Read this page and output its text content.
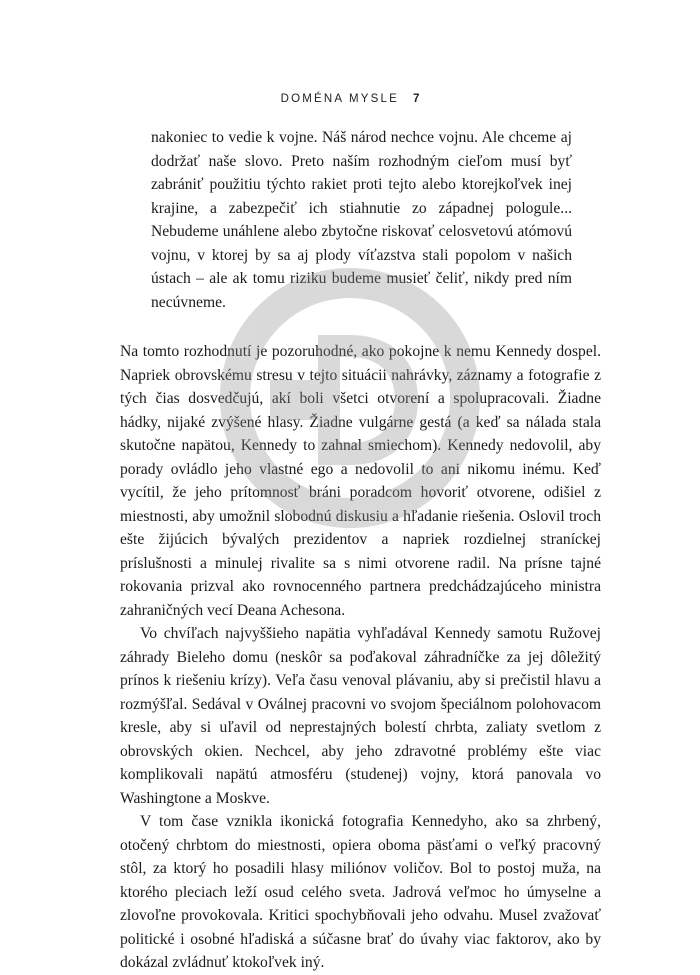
DOMÉNA MYSLE 7

nakoniec to vedie k vojne. Náš národ nechce vojnu. Ale chceme aj dodržať naše slovo. Preto naším rozhodným cieľom musí byť zabrániť použitiu týchto rakiet proti tejto alebo ktorejkoľvek inej krajine, a zabezpečiť ich stiahnutie zo západnej pologule... Nebudeme unáhlene alebo zbytočne riskovať celosvetovú atómovú vojnu, v ktorej by sa aj plody víťazstva stali popolom v našich ústach – ale ak tomu riziku budeme musieť čeliť, nikdy pred ním necúvneme.

Na tomto rozhodnutí je pozoruhodné, ako pokojne k nemu Kennedy dospel. Napriek obrovskému stresu v tejto situácii nahrávky, záznamy a fotografie z tých čias dosvedčujú, akí boli všetci otvorení a spolupracovali. Žiadne hádky, nijaké zvýšené hlasy. Žiadne vulgárne gestá (a keď sa nálada stala skutočne napätou, Kennedy to zahnal smiechom). Kennedy nedovolil, aby porady ovládlo jeho vlastné ego a nedovolil to ani nikomu inému. Keď vycítil, že jeho prítomnosť bráni poradcom hovoriť otvorene, odišiel z miestnosti, aby umožnil slobodnú diskusiu a hľadanie riešenia. Oslovil troch ešte žijúcich bývalých prezidentov a napriek rozdielnej straníckej príslušnosti a minulej rivalite sa s nimi otvorene radil. Na prísne tajné rokovania prizval ako rovnocenného partnera predchádzajúceho ministra zahraničných vecí Deana Achesona.

Vo chvíľach najvyššieho napätia vyhľadával Kennedy samotu Ružovej záhrady Bieleho domu (neskôr sa poďakoval záhradníčke za jej dôležitý prínos k riešeniu krízy). Veľa času venoval plávaniu, aby si prečistil hlavu a rozmýšľal. Sedával v Oválnej pracovni vo svojom špeciálnom polohovacom kresle, aby si uľavil od neprestajných bolestí chrbta, zaliaty svetlom z obrovských okien. Nechcel, aby jeho zdravotné problémy ešte viac komplikovali napätú atmosféru (studenej) vojny, ktorá panovala vo Washingtone a Moskve.

V tom čase vznikla ikonická fotografia Kennedyho, ako sa zhrbený, otočený chrbtom do miestnosti, opiera oboma päsťami o veľký pracovný stôl, za ktorý ho posadili hlasy miliónov voličov. Bol to postoj muža, na ktorého pleciach leží osud celého sveta. Jadrová veľmoc ho úmyselne a zlovoľne provokovala. Kritici spochybňovali jeho odvahu. Musel zvažovať politické i osobné hľadiská a súčasne brať do úvahy viac faktorov, ako by dokázal zvládnuť ktokoľvek iný.
